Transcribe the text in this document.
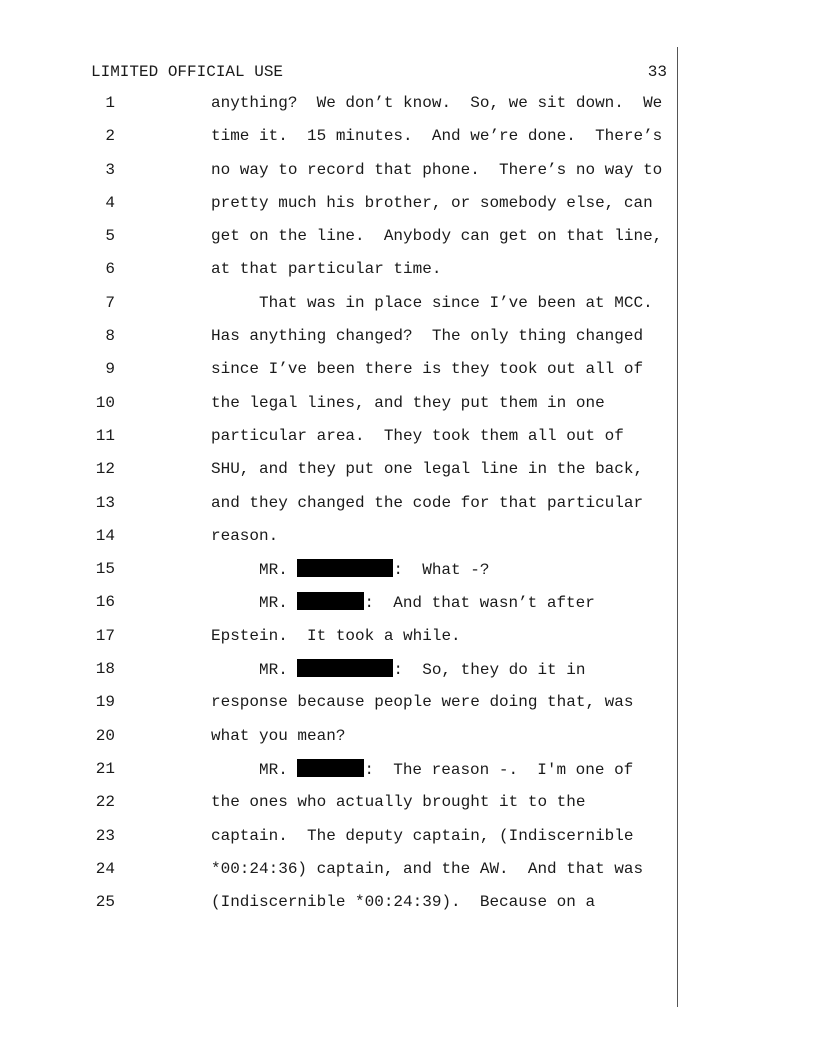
LIMITED OFFICIAL USE	33
1	anything?  We don’t know.  So, we sit down.  We
2	time it.  15 minutes.  And we’re done.  There’s
3	no way to record that phone.  There’s no way to
4	pretty much his brother, or somebody else, can
5	get on the line.  Anybody can get on that line,
6	at that particular time.
7	That was in place since I’ve been at MCC.
8	Has anything changed?  The only thing changed
9	since I’ve been there is they took out all of
10	the legal lines, and they put them in one
11	particular area.  They took them all out of
12	SHU, and they put one legal line in the back,
13	and they changed the code for that particular
14	reason.
15	MR.	:  What -?
16	MR.	:  And that wasn’t after
17	Epstein.  It took a while.
18	MR.	:  So, they do it in
19	response because people were doing that, was
20	what you mean?
21	MR.	:  The reason -.  I'm one of
22	the ones who actually brought it to the
23	captain.  The deputy captain, (Indiscernible
24	*00:24:36) captain, and the AW.  And that was
25	(Indiscernible *00:24:39).  Because on a
